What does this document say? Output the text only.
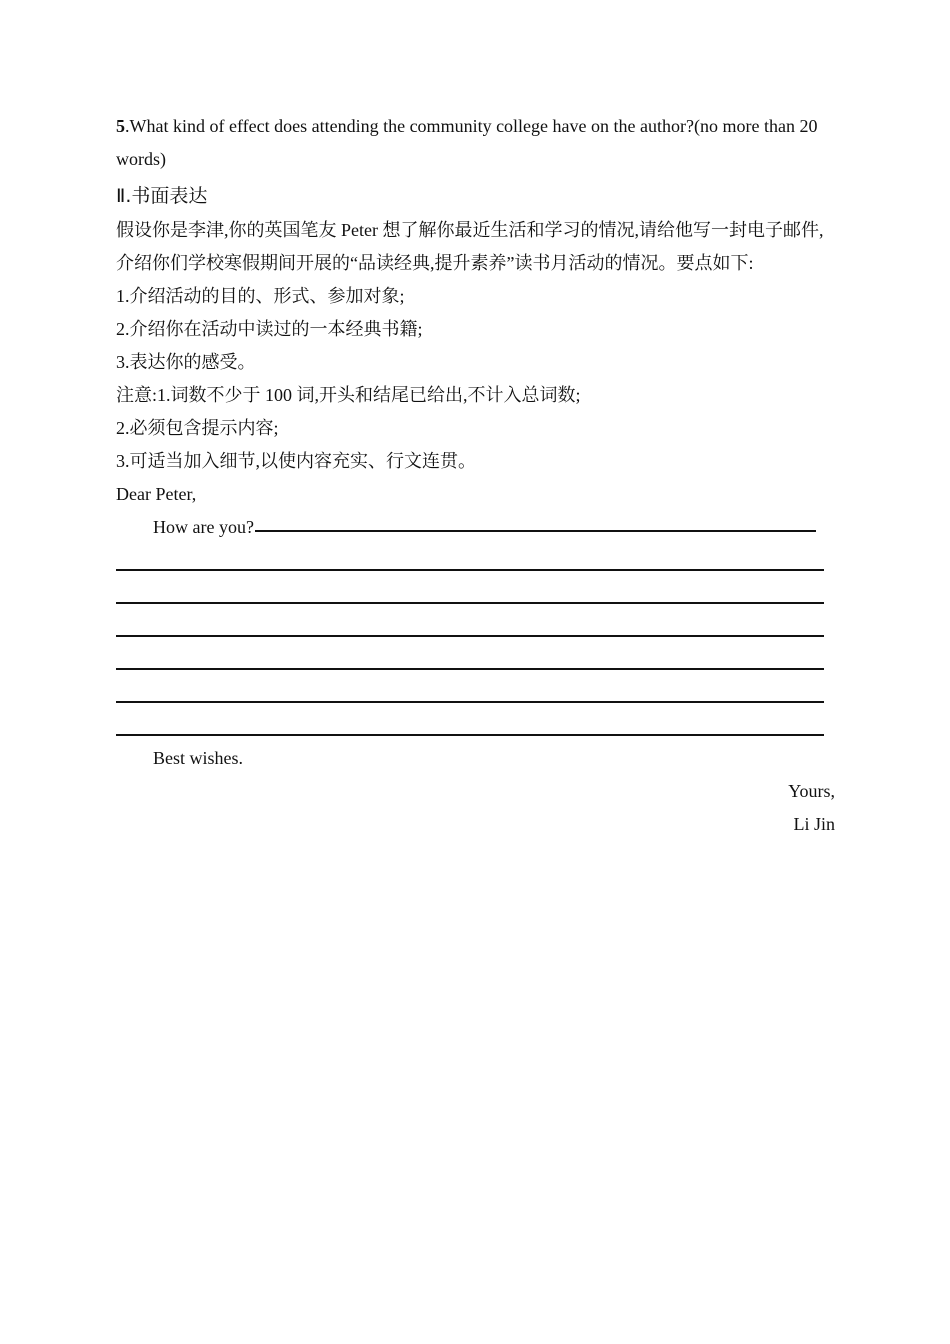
5.What kind of effect does attending the community college have on the author?(no more than 20 words)
Ⅱ.书面表达
假设你是李津,你的英国笔友 Peter 想了解你最近生活和学习的情况,请给他写一封电子邮件,介绍你们学校寒假期间开展的“品读经典,提升素养”读书月活动的情况。要点如下:
1.介绍活动的目的、形式、参加对象;
2.介绍你在活动中读过的一本经典书籍;
3.表达你的感受。
注意:1.词数不少于 100 词,开头和结尾已给出,不计入总词数;
2.必须包含提示内容;
3.可适当加入细节,以使内容充实、行文连贯。
Dear Peter,
How are you?
Best wishes.
Yours,
Li Jin
